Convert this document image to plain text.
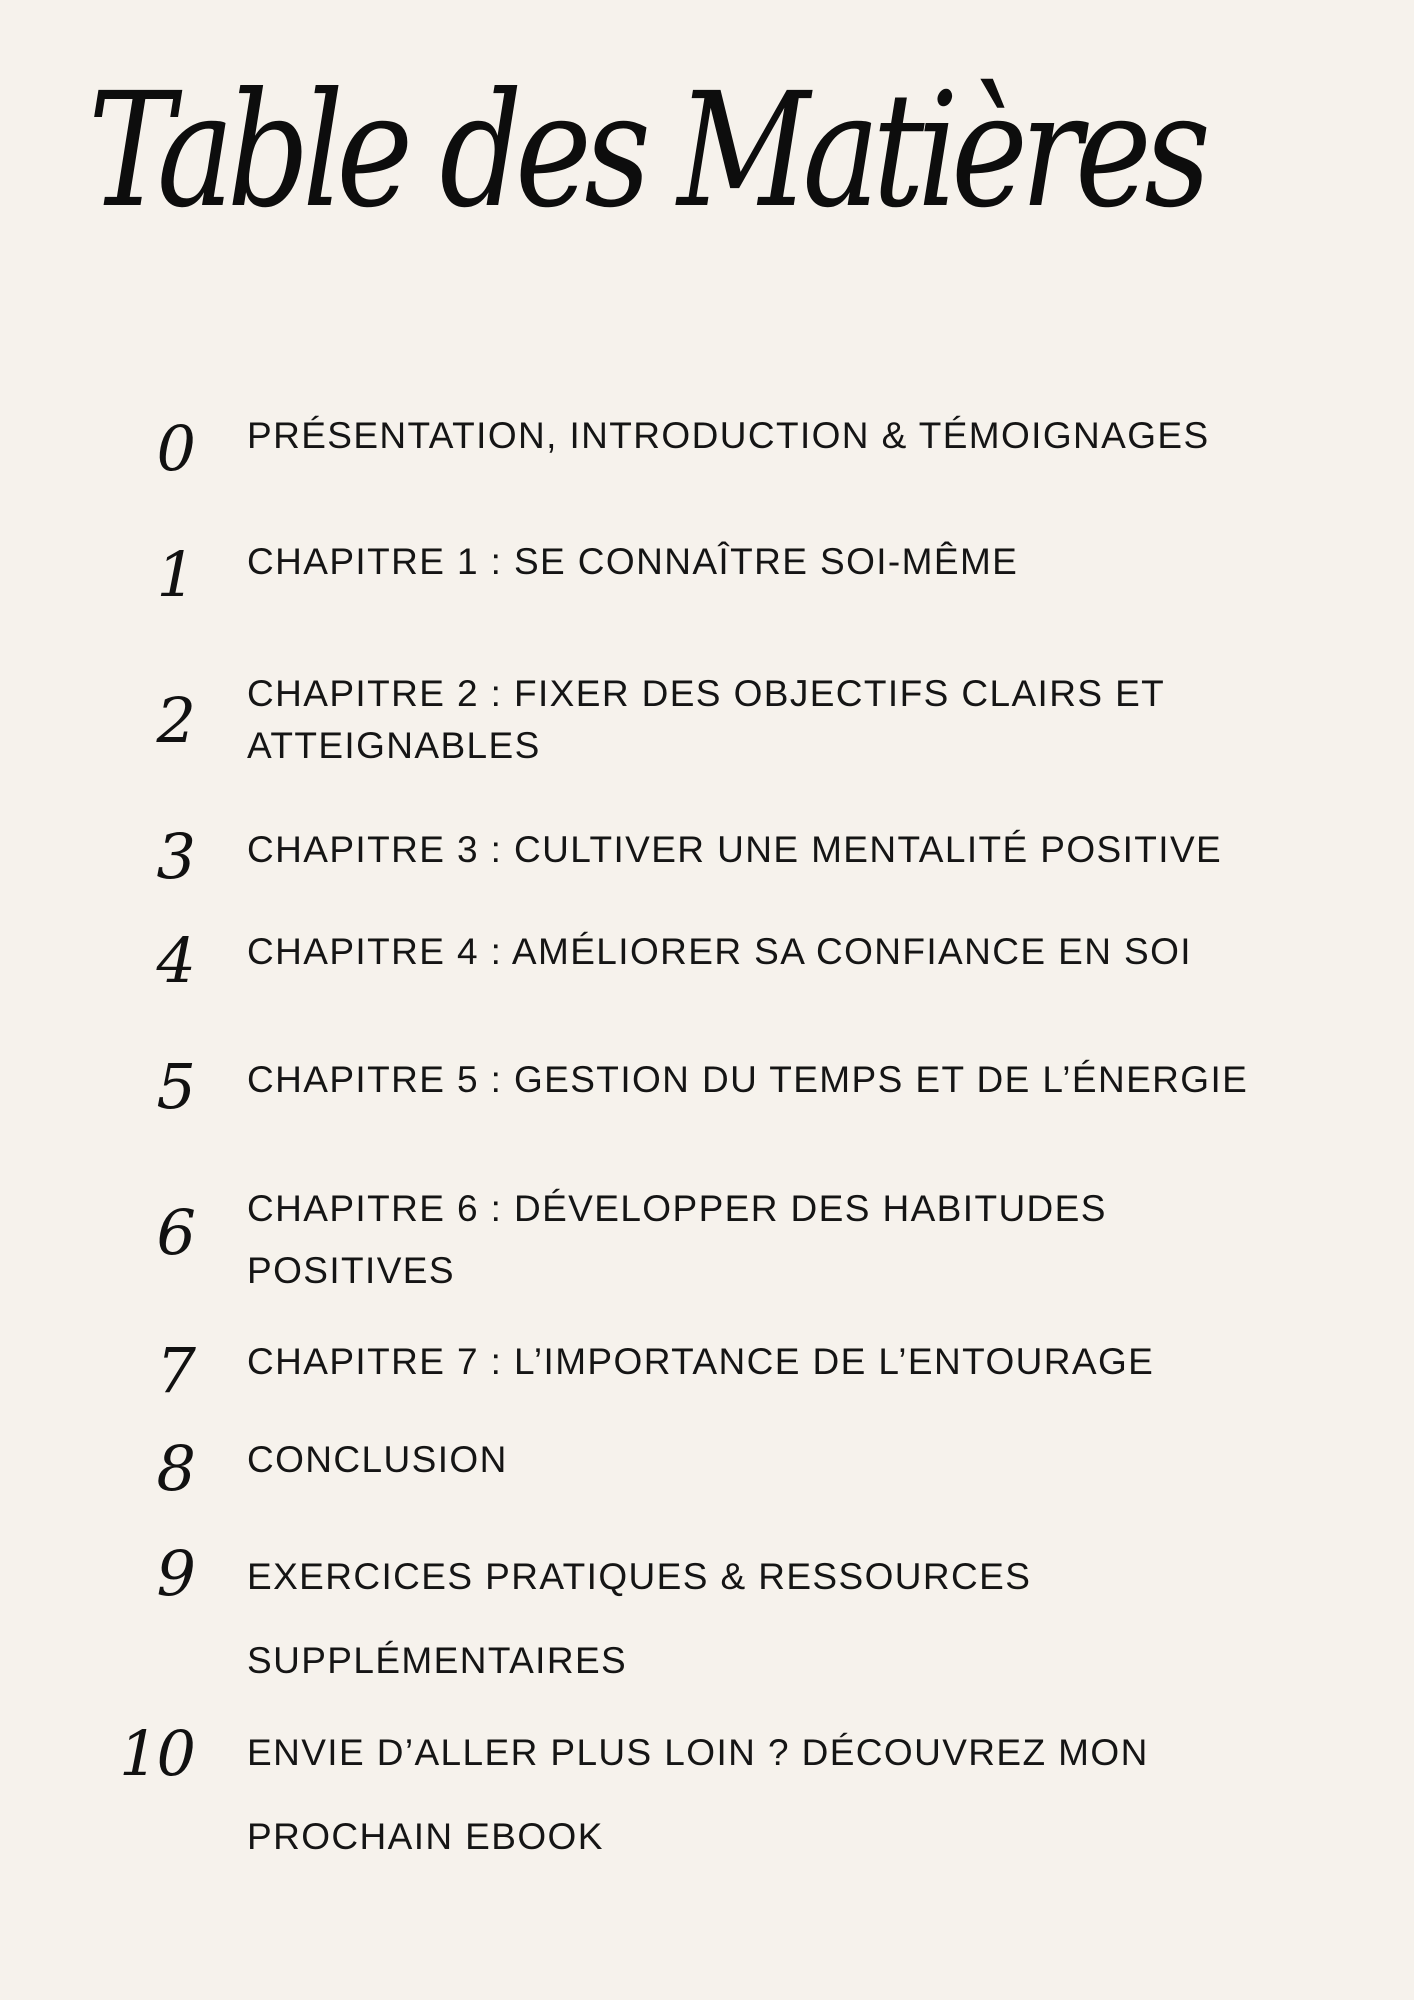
Table des Matières
0 PRÉSENTATION, INTRODUCTION & TÉMOIGNAGES
1 CHAPITRE 1 : SE CONNAÎTRE SOI-MÊME
2 CHAPITRE 2 : FIXER DES OBJECTIFS CLAIRS ET
ATTEIGNABLES
3 CHAPITRE 3 : CULTIVER UNE MENTALITÉ POSITIVE
4 CHAPITRE 4 : AMÉLIORER SA CONFIANCE EN SOI
5 CHAPITRE 5 : GESTION DU TEMPS ET DE L’ÉNERGIE
6 CHAPITRE 6 : DÉVELOPPER DES HABITUDES
POSITIVES
7 CHAPITRE 7 : L’IMPORTANCE DE L’ENTOURAGE
8 CONCLUSION
9 EXERCICES PRATIQUES & RESSOURCES
SUPPLÉMENTAIRES
10 ENVIE D’ALLER PLUS LOIN ? DÉCOUVREZ MON
PROCHAIN EBOOK
